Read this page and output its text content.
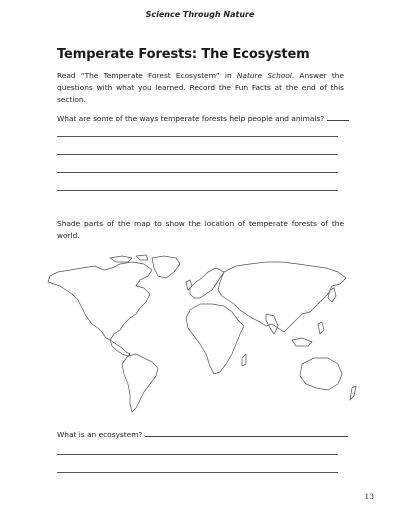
Science Through Nature
Temperate Forests: The Ecosystem
Read “The Temperate Forest Ecosystem” in Nature School. Answer the questions with what you learned. Record the Fun Facts at the end of this section.
What are some of the ways temperate forests help people and animals?
Shade parts of the map to show the location of temperate forests of the world.
What is an ecosystem?
13
